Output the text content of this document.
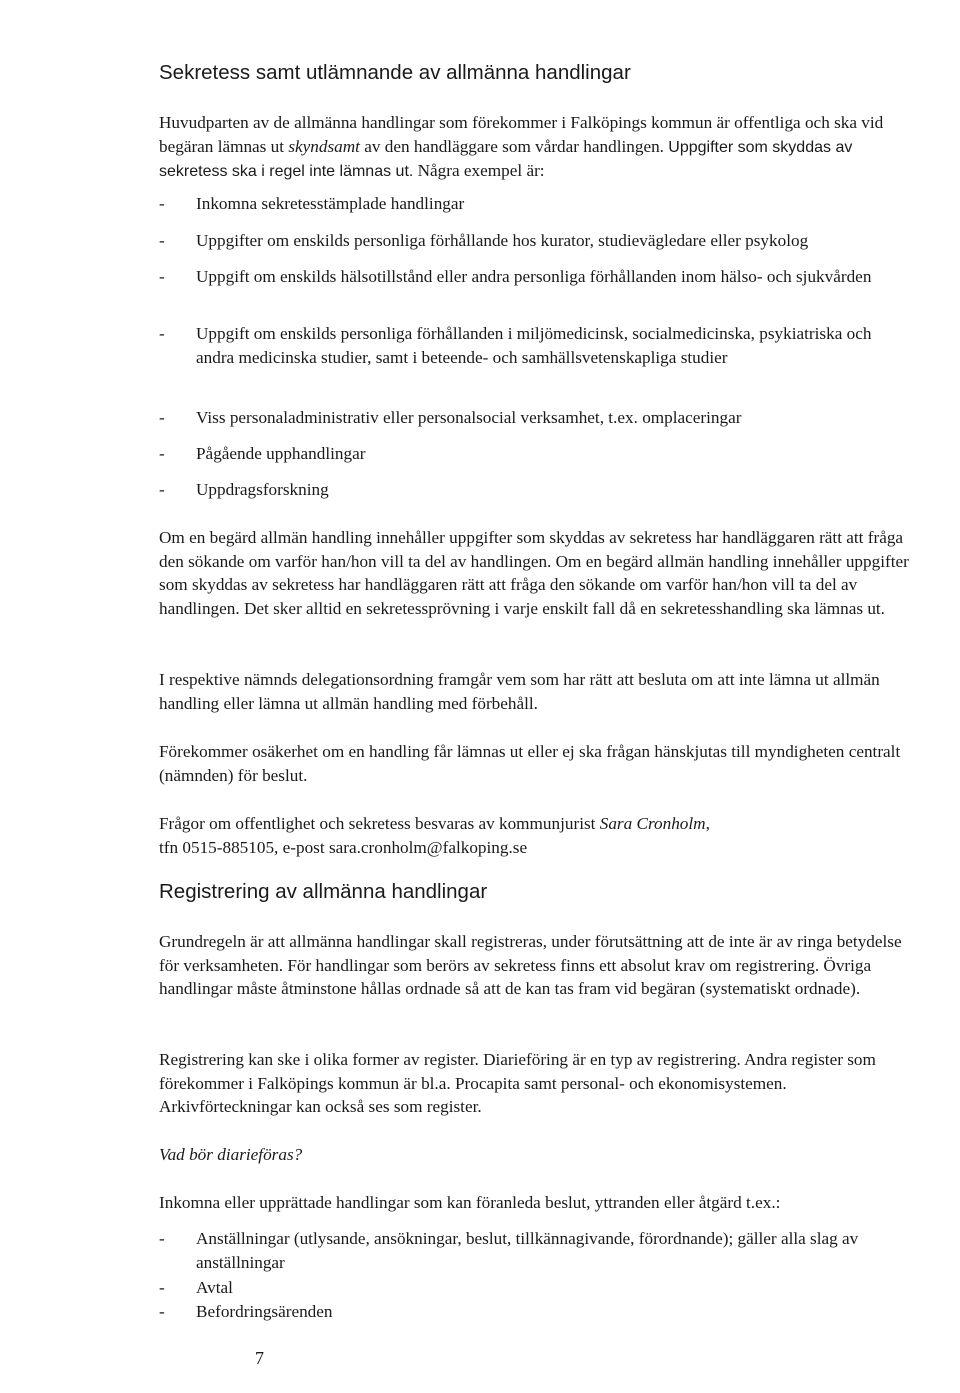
Sekretess samt utlämnande av allmänna handlingar

Huvudparten av de allmänna handlingar som förekommer i Falköpings kommun är offentliga och ska vid begäran lämnas ut skyndsamt av den handläggare som vårdar handlingen. Uppgifter som skyddas av sekretess ska i regel inte lämnas ut. Några exempel är:

- Inkomna sekretesstämplade handlingar
- Uppgifter om enskilds personliga förhållande hos kurator, studievägledare eller psykolog
- Uppgift om enskilds hälsotillstånd eller andra personliga förhållanden inom hälso- och sjukvården
- Uppgift om enskilds personliga förhållanden i miljömedicinsk, socialmedicinska, psykiatriska och andra medicinska studier, samt i beteende- och samhällsvetenskapliga studier
- Viss personaladministrativ eller personalsocial verksamhet, t.ex. omplaceringar
- Pågående upphandlingar
- Uppdragsforskning

Om en begärd allmän handling innehåller uppgifter som skyddas av sekretess har handläggaren rätt att fråga den sökande om varför han/hon vill ta del av handlingen. Om en begärd allmän handling innehåller uppgifter som skyddas av sekretess har handläggaren rätt att fråga den sökande om varför han/hon vill ta del av handlingen. Det sker alltid en sekretessprövning i varje enskilt fall då en sekretesshandling ska lämnas ut.

I respektive nämnds delegationsordning framgår vem som har rätt att besluta om att inte lämna ut allmän handling eller lämna ut allmän handling med förbehåll.

Förekommer osäkerhet om en handling får lämnas ut eller ej ska frågan hänskjutas till myndigheten centralt (nämnden) för beslut.

Frågor om offentlighet och sekretess besvaras av kommunjurist Sara Cronholm,
tfn 0515-885105, e-post sara.cronholm@falkoping.se

Registrering av allmänna handlingar

Grundregeln är att allmänna handlingar skall registreras, under förutsättning att de inte är av ringa betydelse för verksamheten. För handlingar som berörs av sekretess finns ett absolut krav om registrering. Övriga handlingar måste åtminstone hållas ordnade så att de kan tas fram vid begäran (systematiskt ordnade).

Registrering kan ske i olika former av register. Diarieföring är en typ av registrering. Andra register som förekommer i Falköpings kommun är bl.a. Procapita samt personal- och ekonomisystemen. Arkivförteckningar kan också ses som register.

Vad bör diarieföras?

Inkomna eller upprättade handlingar som kan föranleda beslut, yttranden eller åtgärd t.ex.:

- Anställningar (utlysande, ansökningar, beslut, tillkännagivande, förordnande); gäller alla slag av anställningar
- Avtal
- Befordringsärenden
7
